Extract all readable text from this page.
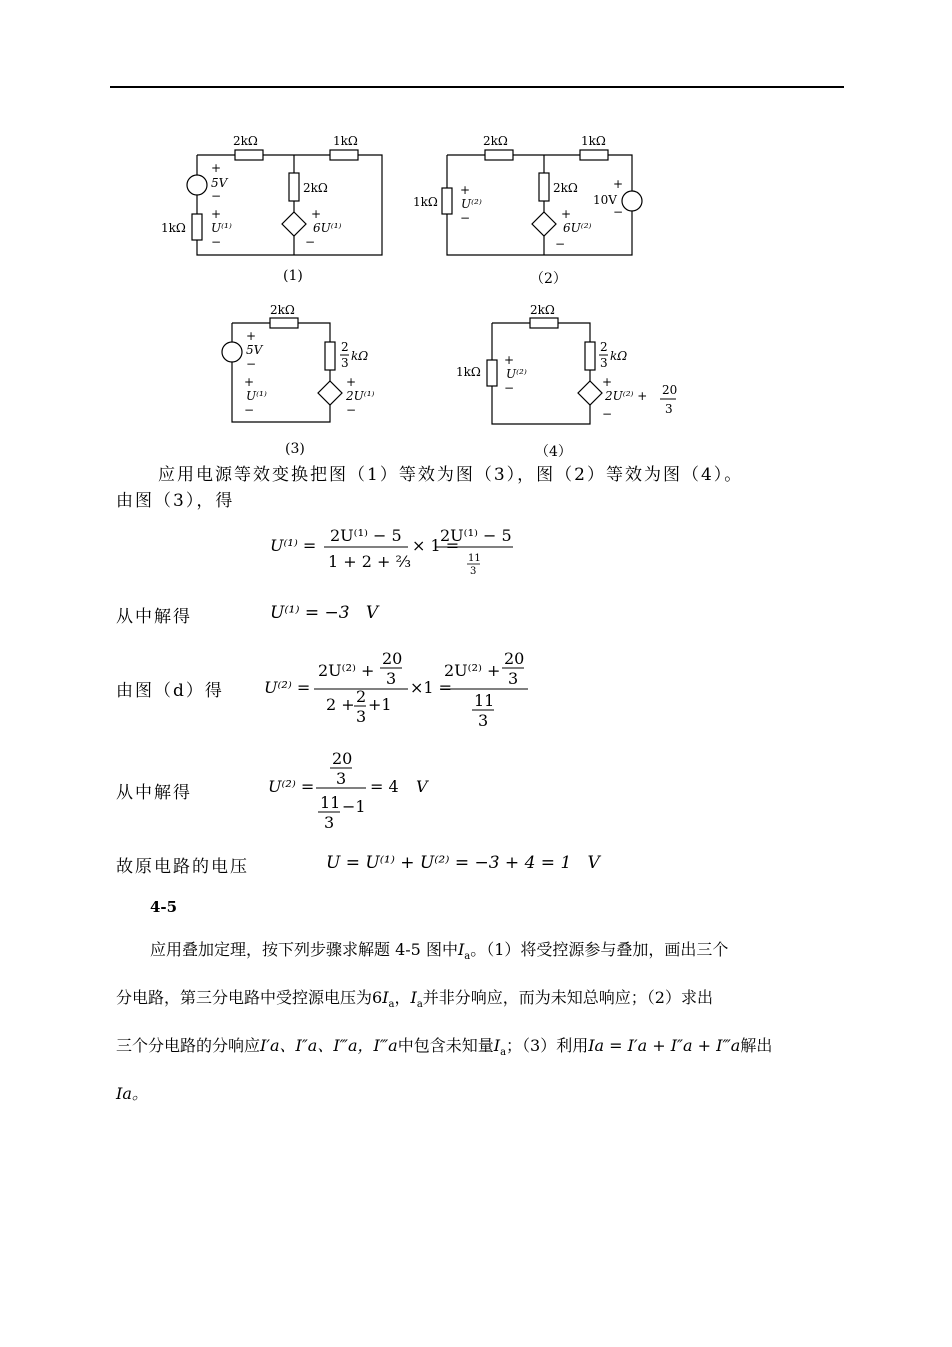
2kΩ	1kΩ
2kΩ
1kΩ
+
5V
−
+
U⁽¹⁾
−
+
6U⁽¹⁾
−
(1)
2kΩ	1kΩ
2kΩ
1kΩ
+
U⁽²⁾
−
+
10V
−
+
6U⁽²⁾
−
（2）
2kΩ
2
3 kΩ
+
5V
−
+
U⁽¹⁾
−
+
2U⁽¹⁾
−
(3)
2kΩ
2
3 kΩ
1kΩ
+
U⁽²⁾
−	+
2U⁽²⁾ + 20
3
−
（4）
应用电源等效变换把图（1）等效为图（3），图（2）等效为图（4）。
由图（3），得
U⁽¹⁾ =
2U⁽¹⁾ − 5
1 + 2 + ⅔
× 1 =
2U⁽¹⁾ − 5
11
3
从中解得	U⁽¹⁾ = −3 V
由图（d）得	U⁽²⁾ =
2U⁽²⁾ +
20
3
2 + 2
3
+1
×1 =
2U⁽²⁾ +
20
3
11
3
从中解得	U⁽²⁾ =
20
3
11
3
−1
= 4 V
故原电路的电压	U = U⁽¹⁾ + U⁽²⁾ = −3 + 4 = 1 V
4-5
应用叠加定理，按下列步骤求解题 4-5 图中$I_a$。（1）将受控源参与叠加，画出三个
分电路，第三分电路中受控源电压为$6I_a$，$I_a$并非分响应，而为未知总响应；（2）求出
三个分电路的分响应I′a、I″a、I‴a，I‴a中包含未知量$I_a$；（3）利用Ia = I′a + I″a + I‴a解出
Ia。
